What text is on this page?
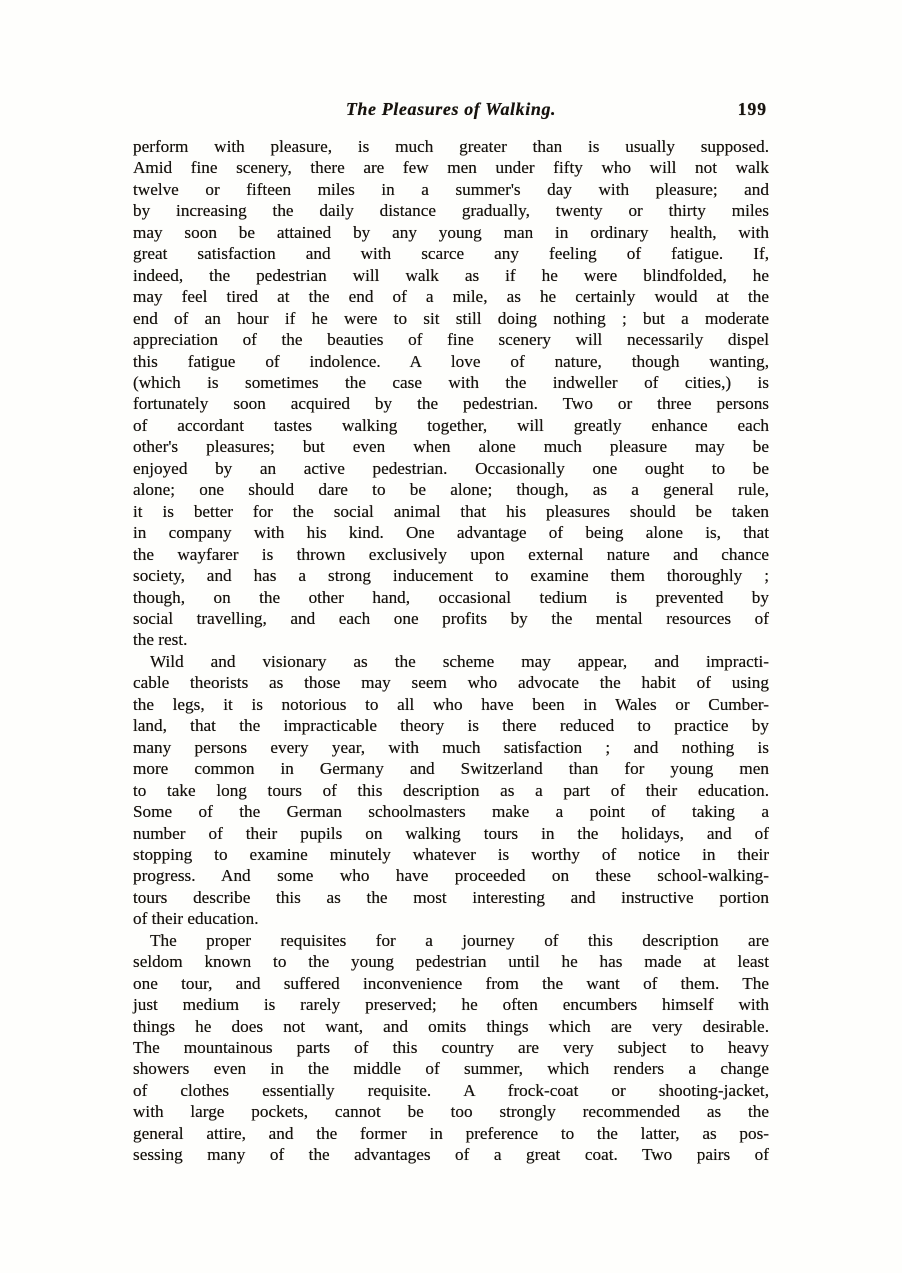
The Pleasures of Walking.	199
perform with pleasure, is much greater than is usually supposed.
Amid fine scenery, there are few men under fifty who will not walk
twelve or fifteen miles in a summer's day with pleasure; and
by increasing the daily distance gradually, twenty or thirty miles
may soon be attained by any young man in ordinary health, with
great satisfaction and with scarce any feeling of fatigue. If,
indeed, the pedestrian will walk as if he were blindfolded, he
may feel tired at the end of a mile, as he certainly would at the
end of an hour if he were to sit still doing nothing ; but a moderate
appreciation of the beauties of fine scenery will necessarily dispel
this fatigue of indolence. A love of nature, though wanting,
(which is sometimes the case with the indweller of cities,) is
fortunately soon acquired by the pedestrian. Two or three persons
of accordant tastes walking together, will greatly enhance each
other's pleasures; but even when alone much pleasure may be
enjoyed by an active pedestrian. Occasionally one ought to be
alone; one should dare to be alone; though, as a general rule,
it is better for the social animal that his pleasures should be taken
in company with his kind. One advantage of being alone is, that
the wayfarer is thrown exclusively upon external nature and chance
society, and has a strong inducement to examine them thoroughly ;
though, on the other hand, occasional tedium is prevented by
social travelling, and each one profits by the mental resources of
the rest.
Wild and visionary as the scheme may appear, and impracti-
cable theorists as those may seem who advocate the habit of using
the legs, it is notorious to all who have been in Wales or Cumber-
land, that the impracticable theory is there reduced to practice by
many persons every year, with much satisfaction ; and nothing is
more common in Germany and Switzerland than for young men
to take long tours of this description as a part of their education.
Some of the German schoolmasters make a point of taking a
number of their pupils on walking tours in the holidays, and of
stopping to examine minutely whatever is worthy of notice in their
progress. And some who have proceeded on these school-walking-
tours describe this as the most interesting and instructive portion
of their education.
The proper requisites for a journey of this description are
seldom known to the young pedestrian until he has made at least
one tour, and suffered inconvenience from the want of them. The
just medium is rarely preserved; he often encumbers himself with
things he does not want, and omits things which are very desirable.
The mountainous parts of this country are very subject to heavy
showers even in the middle of summer, which renders a change
of clothes essentially requisite. A frock-coat or shooting-jacket,
with large pockets, cannot be too strongly recommended as the
general attire, and the former in preference to the latter, as pos-
sessing many of the advantages of a great coat. Two pairs of
